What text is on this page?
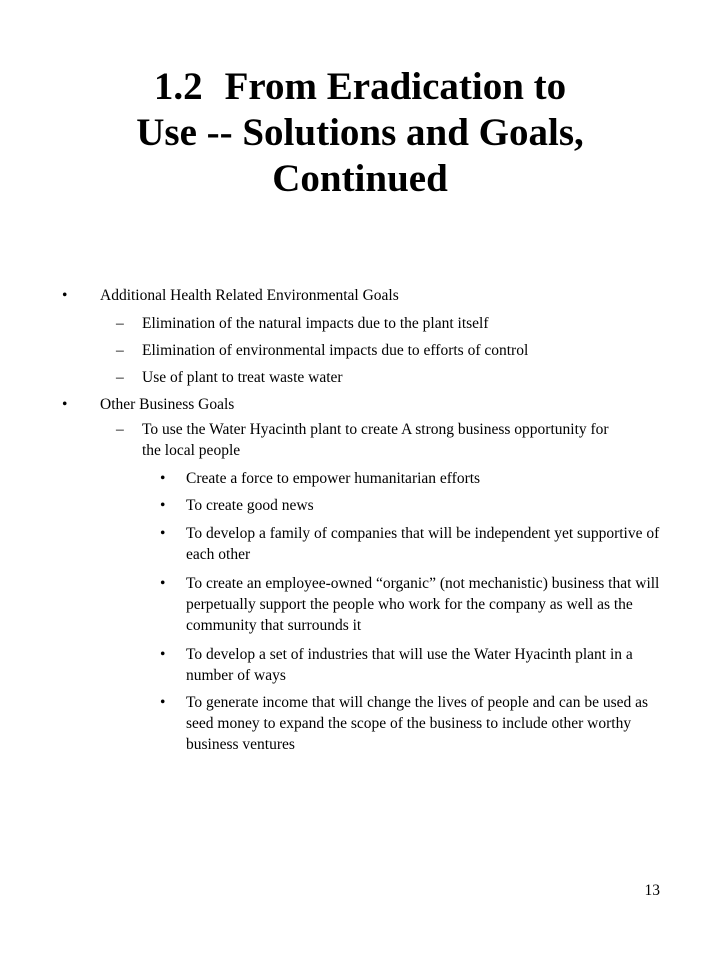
1.2 From Eradication to
Use -- Solutions and Goals,
Continued
•	Additional Health Related Environmental Goals
–	Elimination of the natural impacts due to the plant itself
–	Elimination of environmental impacts due to efforts of control
–	Use of plant to treat waste water
•	Other Business Goals
–	To use the Water Hyacinth plant to create A strong business opportunity for the local people
•	Create a force to empower humanitarian efforts
•	To create good news
•	To develop a family of companies that will be independent yet supportive of each other
•	To create an employee-owned “organic” (not mechanistic) business that will perpetually support the people who work for the company as well as the community that surrounds it
•	To develop a set of industries that will use the Water Hyacinth plant in a number of ways
•	To generate income that will change the lives of people and can be used as seed money to expand the scope of the business to include other worthy business ventures
13
